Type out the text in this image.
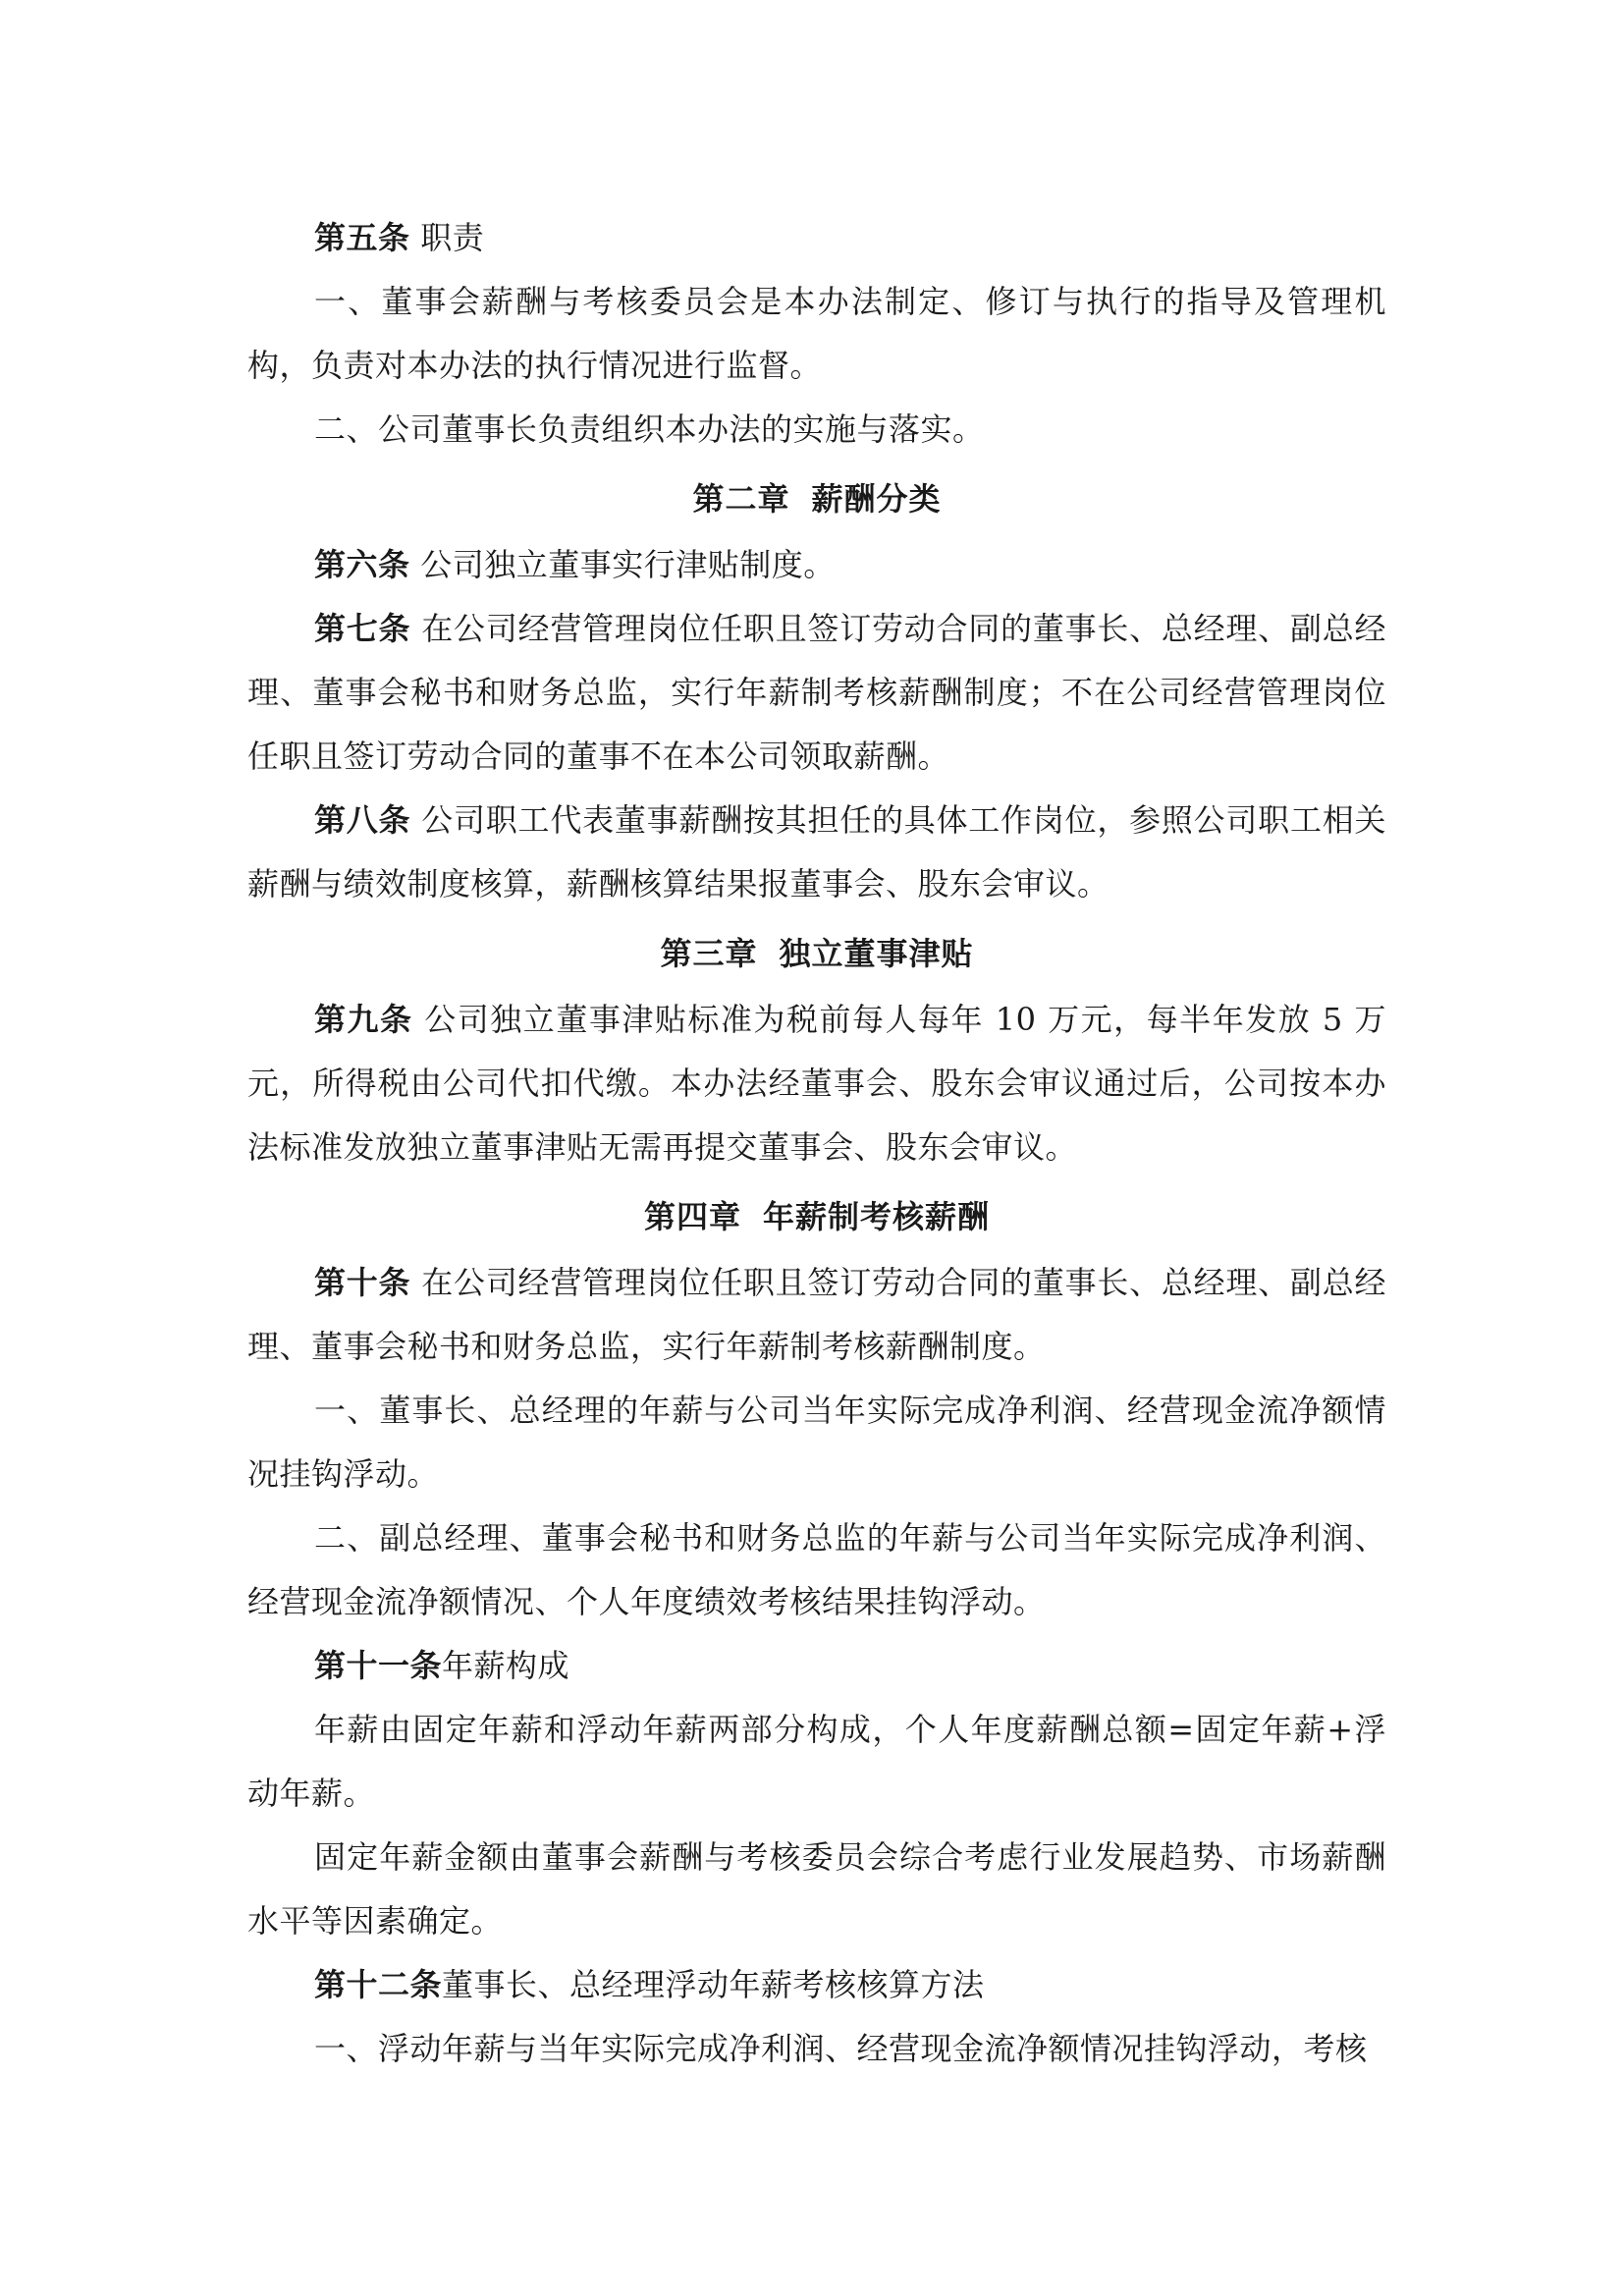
第五条 职责

一、董事会薪酬与考核委员会是本办法制定、修订与执行的指导及管理机构，负责对本办法的执行情况进行监督。

二、公司董事长负责组织本办法的实施与落实。

第二章 薪酬分类

第六条 公司独立董事实行津贴制度。

第七条 在公司经营管理岗位任职且签订劳动合同的董事长、总经理、副总经理、董事会秘书和财务总监，实行年薪制考核薪酬制度；不在公司经营管理岗位任职且签订劳动合同的董事不在本公司领取薪酬。

第八条 公司职工代表董事薪酬按其担任的具体工作岗位，参照公司职工相关薪酬与绩效制度核算，薪酬核算结果报董事会、股东会审议。

第三章 独立董事津贴

第九条 公司独立董事津贴标准为税前每人每年 10 万元，每半年发放 5 万元，所得税由公司代扣代缴。本办法经董事会、股东会审议通过后，公司按本办法标准发放独立董事津贴无需再提交董事会、股东会审议。

第四章 年薪制考核薪酬

第十条 在公司经营管理岗位任职且签订劳动合同的董事长、总经理、副总经理、董事会秘书和财务总监，实行年薪制考核薪酬制度。

一、董事长、总经理的年薪与公司当年实际完成净利润、经营现金流净额情况挂钩浮动。

二、副总经理、董事会秘书和财务总监的年薪与公司当年实际完成净利润、经营现金流净额情况、个人年度绩效考核结果挂钩浮动。

第十一条年薪构成

年薪由固定年薪和浮动年薪两部分构成，个人年度薪酬总额=固定年薪+浮动年薪。

固定年薪金额由董事会薪酬与考核委员会综合考虑行业发展趋势、市场薪酬水平等因素确定。

第十二条董事长、总经理浮动年薪考核核算方法

一、浮动年薪与当年实际完成净利润、经营现金流净额情况挂钩浮动，考核
